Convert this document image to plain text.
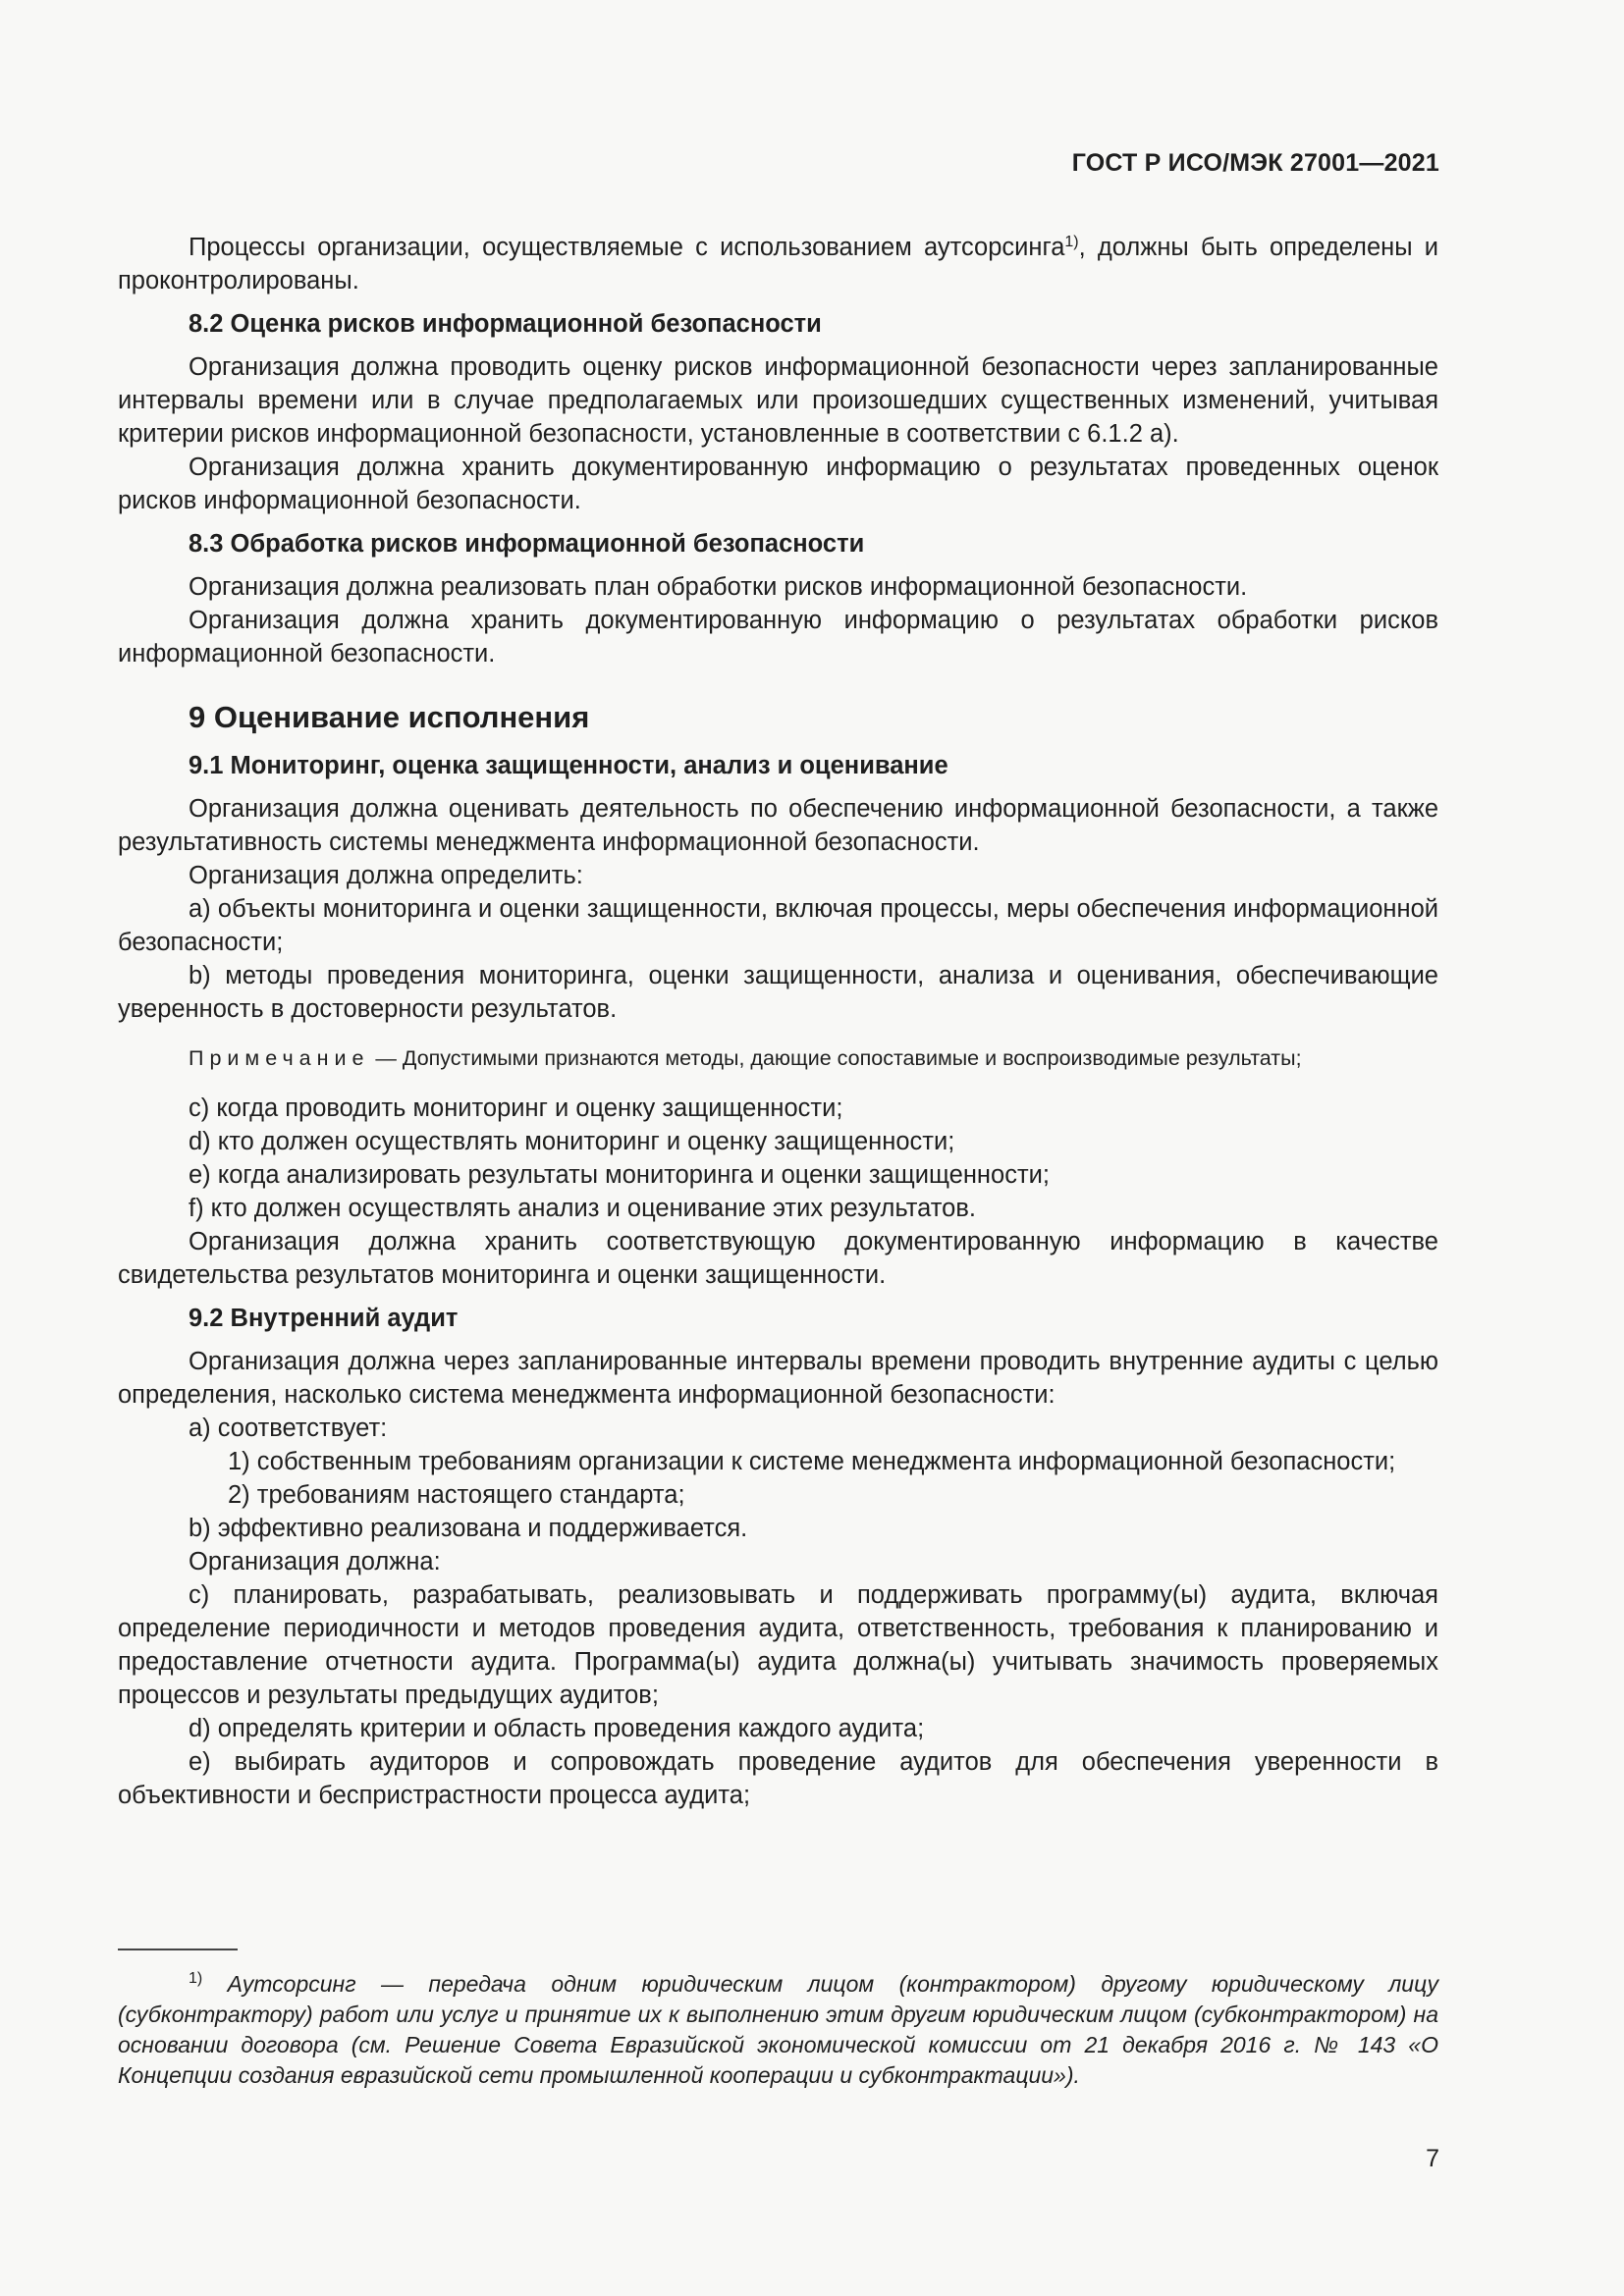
ГОСТ Р ИСО/МЭК 27001—2021

Процессы организации, осуществляемые с использованием аутсорсинга$^{1)}$, должны быть определены и проконтролированы.

8.2 Оценка рисков информационной безопасности

Организация должна проводить оценку рисков информационной безопасности через запланированные интервалы времени или в случае предполагаемых или произошедших существенных изменений, учитывая критерии рисков информационной безопасности, установленные в соответствии с 6.1.2 а).

Организация должна хранить документированную информацию о результатах проведенных оценок рисков информационной безопасности.

8.3 Обработка рисков информационной безопасности

Организация должна реализовать план обработки рисков информационной безопасности.

Организация должна хранить документированную информацию о результатах обработки рисков информационной безопасности.

9 Оценивание исполнения

9.1 Мониторинг, оценка защищенности, анализ и оценивание

Организация должна оценивать деятельность по обеспечению информационной безопасности, а также результативность системы менеджмента информационной безопасности.

Организация должна определить:

а) объекты мониторинга и оценки защищенности, включая процессы, меры обеспечения информационной безопасности;

b) методы проведения мониторинга, оценки защищенности, анализа и оценивания, обеспечивающие уверенность в достоверности результатов.

Примечание — Допустимыми признаются методы, дающие сопоставимые и воспроизводимые результаты;

с) когда проводить мониторинг и оценку защищенности;

d) кто должен осуществлять мониторинг и оценку защищенности;

е) когда анализировать результаты мониторинга и оценки защищенности;

f) кто должен осуществлять анализ и оценивание этих результатов.

Организация должна хранить соответствующую документированную информацию в качестве свидетельства результатов мониторинга и оценки защищенности.

9.2 Внутренний аудит

Организация должна через запланированные интервалы времени проводить внутренние аудиты с целью определения, насколько система менеджмента информационной безопасности:

а) соответствует:

1) собственным требованиям организации к системе менеджмента информационной безопасности;

2) требованиям настоящего стандарта;

b) эффективно реализована и поддерживается.

Организация должна:

с) планировать, разрабатывать, реализовывать и поддерживать программу(ы) аудита, включая определение периодичности и методов проведения аудита, ответственность, требования к планированию и предоставление отчетности аудита. Программа(ы) аудита должна(ы) учитывать значимость проверяемых процессов и результаты предыдущих аудитов;

d) определять критерии и область проведения каждого аудита;

е) выбирать аудиторов и сопровождать проведение аудитов для обеспечения уверенности в объективности и беспристрастности процесса аудита;

$^{1)}$ Аутсорсинг — передача одним юридическим лицом (контрактором) другому юридическому лицу (субконтрактору) работ или услуг и принятие их к выполнению этим другим юридическим лицом (субконтрактором) на основании договора (см. Решение Совета Евразийской экономической комиссии от 21 декабря 2016 г. № 143 «О Концепции создания евразийской сети промышленной кооперации и субконтрактации»).
7
